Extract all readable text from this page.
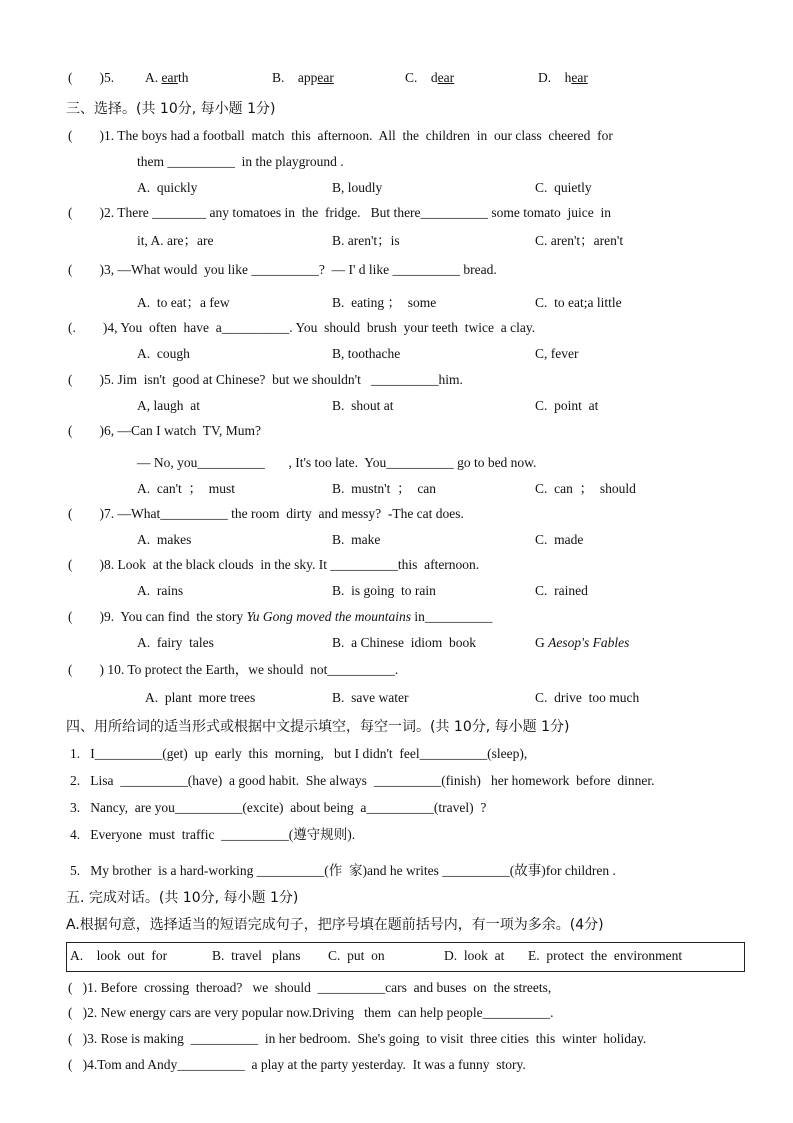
(        )5. A. earth	B.    appear	C.    dear	D.    hear
三、选择。(共 10分, 每小题 1分)
(        )1. The boys had a football  match  this  afternoon.  All  the  children  in  our class  cheered  for
them __________  in the playground .
A.  quickly	B, loudly	C.  quietly
(        )2. There ________ any tomatoes in  the  fridge.   But there__________ some tomato  juice  in
it, A. are；are	B. aren't；is	C. aren't；aren't
(        )3, —What would  you like __________?  — I' d like __________ bread.
A.  to eat；a few	B.  eating ；  some	C.  to eat;a little
(.        )4, You  often  have  a__________. You  should  brush  your teeth  twice  a clay.
A.  cough	B, toothache	C, fever
(        )5. Jim  isn't  good at Chinese?  but we shouldn't   __________him.
A, laugh  at	B.  shout at	C.  point  at
(        )6, —Can I watch  TV, Mum?
— No, you__________       , It's too late.  You__________ go to bed now.
A.  can't  ；  must	B.  mustn't  ；  can	C.  can  ；  should
(        )7. —What__________ the room  dirty  and messy?  -The cat does.
A.  makes	B.  make	C.  made
(        )8. Look  at the black clouds  in the sky. It __________this  afternoon.
A.  rains	B.  is going  to rain	C.  rained
(        )9.  You can find  the story Yu Gong moved the mountains in__________
A.  fairy  tales	B.  a Chinese  idiom  book	G Aesop's Fables
(        ) 10. To protect the Earth，we should  not__________.
A.  plant  more trees	B.  save water	C.  drive  too much
四、用所给词的适当形式或根据中文提示填空，每空一词。(共 10分, 每小题 1分)
1.   I__________(get)  up  early  this  morning,   but I didn't  feel__________(sleep),
2.   Lisa  __________(have)  a good habit.  She always  __________(finish)   her homework  before  dinner.
3.   Nancy,  are you__________(excite)  about being  a__________(travel)  ?
4.   Everyone  must  traffic  __________(遵守规则).
5.   My brother  is a hard-working __________(作  家)and he writes __________(故事)for children .
五. 完成对话。(共 10分, 每小题 1分)
A.根据句意，选择适当的短语完成句子，把序号填在题前括号内，有一项为多余。(4分)
A.    look  out  for	B.  travel   plans C.  put  on	D.  look  at E.  protect  the  environment
(   )1. Before  crossing  theroad?   we  should  __________cars  and buses  on  the streets,
(   )2. New energy cars are very popular now.Driving   them  can help people__________.
(   )3. Rose is making  __________  in her bedroom.  She's going  to visit  three cities  this  winter  holiday.
(   )4.Tom and Andy__________  a play at the party yesterday.  It was a funny  story.
